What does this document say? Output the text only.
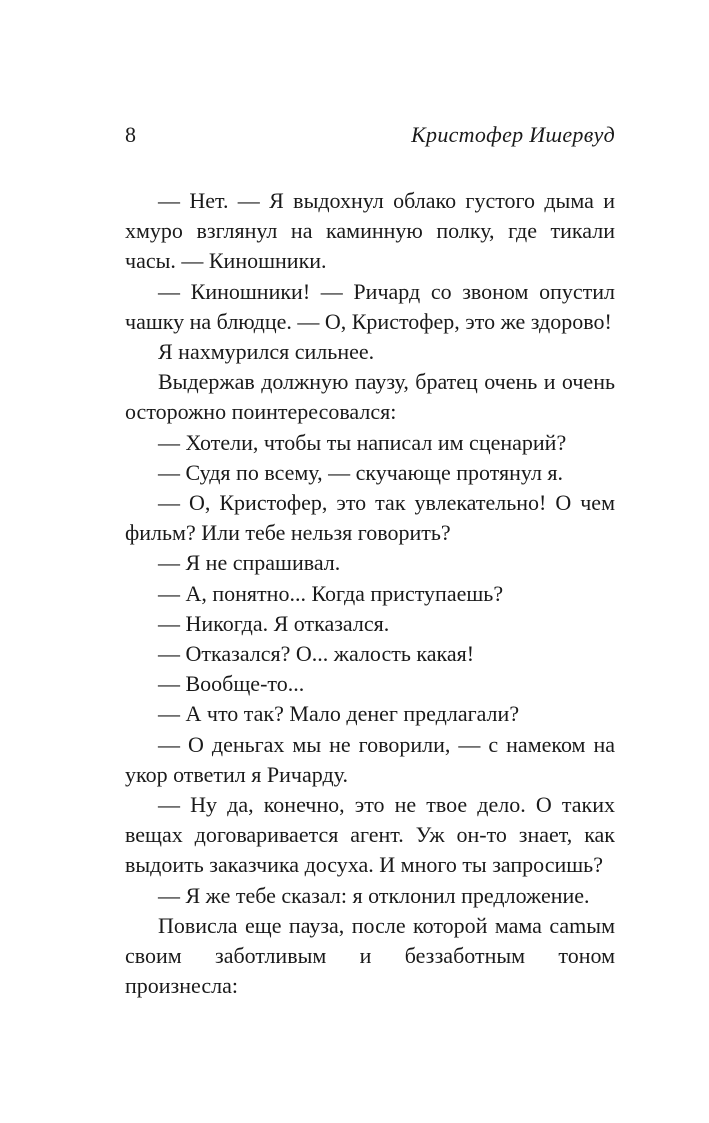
8	Кристофер Ишервуд

— Нет. — Я выдохнул облако густого дыма и хмуро взглянул на каминную полку, где тикали часы. — Киношники.

— Киношники! — Ричард со звоном опустил чашку на блюдце. — О, Кристофер, это же здорово!

Я нахмурился сильнее.

Выдержав должную паузу, братец очень и очень осторожно поинтересовался:

— Хотели, чтобы ты написал им сценарий?

— Судя по всему, — скучающе протянул я.

— О, Кристофер, это так увлекательно! О чем фильм? Или тебе нельзя говорить?

— Я не спрашивал.

— А, понятно... Когда приступаешь?

— Никогда. Я отказался.

— Отказался? О... жалость какая!

— Вообще-то...

— А что так? Мало денег предлагали?

— О деньгах мы не говорили, — с намеком на укор ответил я Ричарду.

— Ну да, конечно, это не твое дело. О таких вещах договаривается агент. Уж он-то знает, как выдоить заказчика досуха. И много ты запросишь?

— Я же тебе сказал: я отклонил предложение.

Повисла еще пауза, после которой мама саmым своим заботливым и беззаботным тоном произнесла:
